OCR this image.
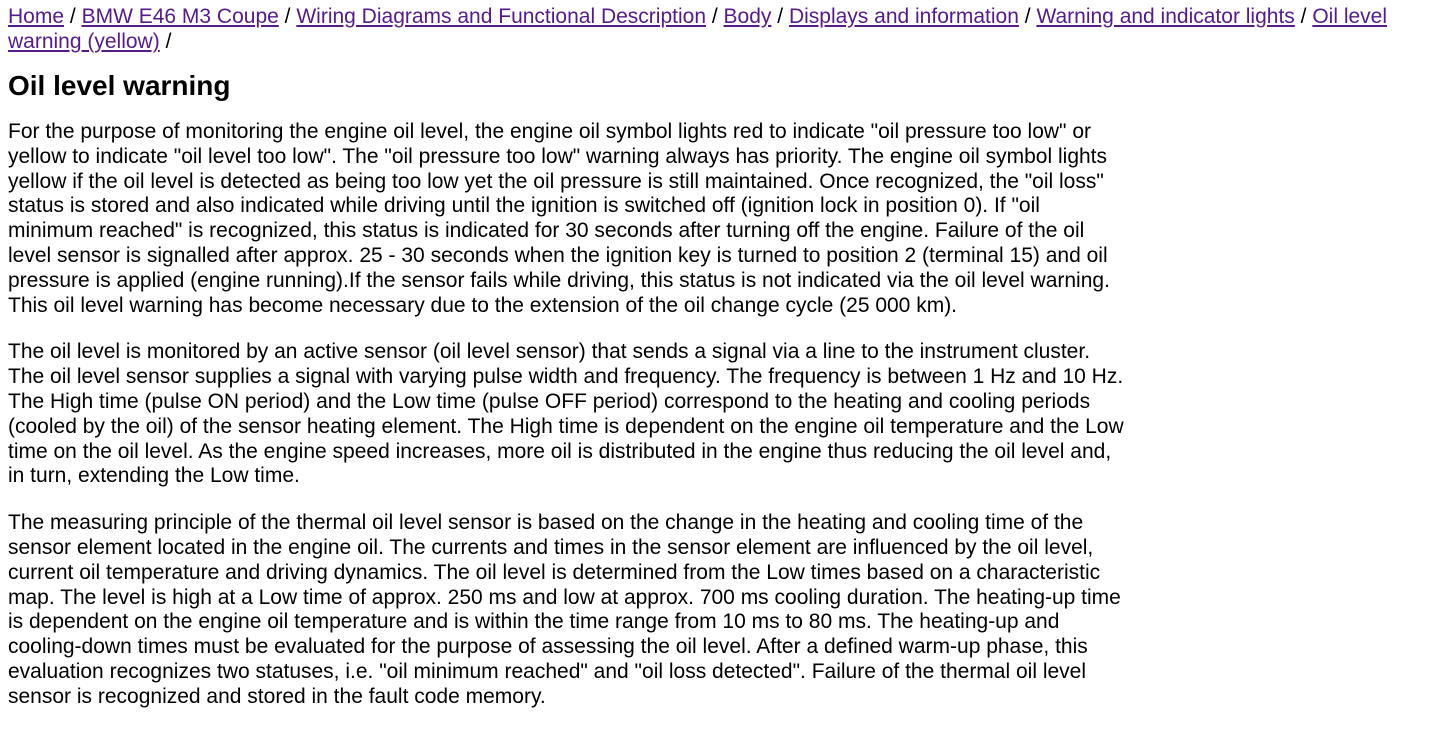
Home / BMW E46 M3 Coupe / Wiring Diagrams and Functional Description / Body / Displays and information / Warning and indicator lights / Oil level warning (yellow) /
Oil level warning

For the purpose of monitoring the engine oil level, the engine oil symbol lights red to indicate "oil pressure too low" or yellow to indicate "oil level too low". The "oil pressure too low" warning always has priority. The engine oil symbol lights yellow if the oil level is detected as being too low yet the oil pressure is still maintained. Once recognized, the "oil loss" status is stored and also indicated while driving until the ignition is switched off (ignition lock in position 0). If "oil minimum reached" is recognized, this status is indicated for 30 seconds after turning off the engine. Failure of the oil level sensor is signalled after approx. 25 - 30 seconds when the ignition key is turned to position 2 (terminal 15) and oil pressure is applied (engine running).If the sensor fails while driving, this status is not indicated via the oil level warning. This oil level warning has become necessary due to the extension of the oil change cycle (25 000 km).

The oil level is monitored by an active sensor (oil level sensor) that sends a signal via a line to the instrument cluster. The oil level sensor supplies a signal with varying pulse width and frequency. The frequency is between 1 Hz and 10 Hz. The High time (pulse ON period) and the Low time (pulse OFF period) correspond to the heating and cooling periods (cooled by the oil) of the sensor heating element. The High time is dependent on the engine oil temperature and the Low time on the oil level. As the engine speed increases, more oil is distributed in the engine thus reducing the oil level and, in turn, extending the Low time.

The measuring principle of the thermal oil level sensor is based on the change in the heating and cooling time of the sensor element located in the engine oil. The currents and times in the sensor element are influenced by the oil level, current oil temperature and driving dynamics. The oil level is determined from the Low times based on a characteristic map. The level is high at a Low time of approx. 250 ms and low at approx. 700 ms cooling duration. The heating-up time is dependent on the engine oil temperature and is within the time range from 10 ms to 80 ms. The heating-up and cooling-down times must be evaluated for the purpose of assessing the oil level. After a defined warm-up phase, this evaluation recognizes two statuses, i.e. "oil minimum reached" and "oil loss detected". Failure of the thermal oil level sensor is recognized and stored in the fault code memory.
